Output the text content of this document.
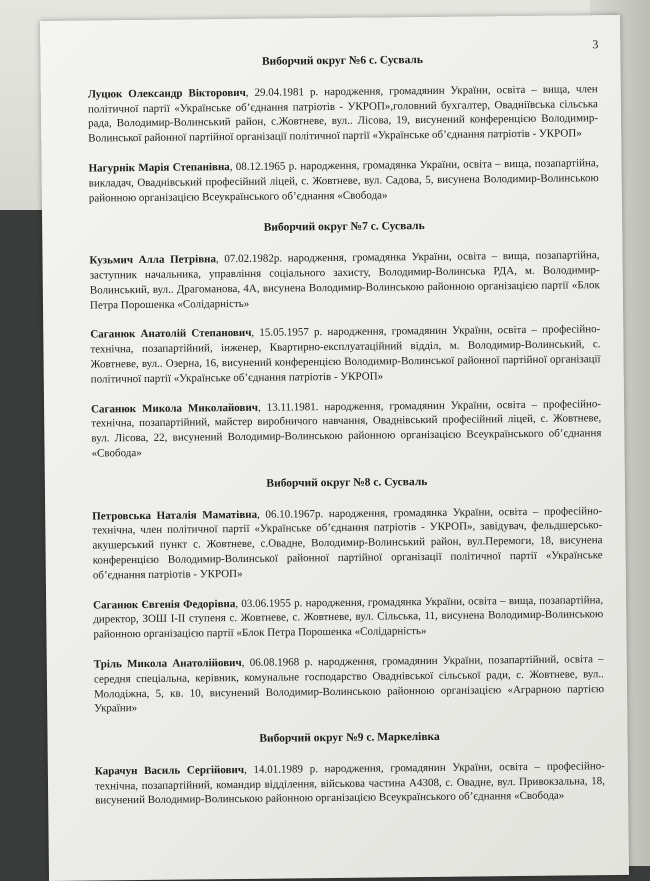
3
Виборчий округ №6 с. Сусваль

Луцюк Олександр Вікторович, 29.04.1981 р. народження, громадянин України, освіта – вища, член політичної партії «Українське об’єднання патріотів - УКРОП»,головний бухгалтер, Овадніївська сільська рада, Володимир-Волинський район, с.Жовтневе, вул.. Лісова, 19, висунений конференцією Володимир-Волинської районної партійної організації політичної партії «Українське об’єднання патріотів - УКРОП»

Нагурнік Марія Степанівна, 08.12.1965 р. народження, громадянка України, освіта – вища, позапартійна, викладач, Оваднівський професійний ліцей, с. Жовтневе, вул. Садова, 5, висунена Володимир-Волинською районною організацією Всеукраїнського об’єднання «Свобода»

Виборчий округ №7 с. Сусваль

Кузьмич Алла Петрівна, 07.02.1982р. народження, громадянка України, освіта – вища, позапартійна, заступник начальника, управління соціального захисту, Володимир-Волинська РДА, м. Володимир-Волинський, вул.. Драгоманова, 4А, висунена Володимир-Волинською районною організацією партії «Блок Петра Порошенка «Солідарність»

Саганюк Анатолій Степанович, 15.05.1957 р. народження, громадянин України, освіта – професійно-технічна, позапартійний, інженер, Квартирно-експлуатаційний відділ, м. Володимир-Волинський, с. Жовтневе, вул.. Озерна, 16, висунений конференцією Володимир-Волинської районної партійної організації політичної партії «Українське об’єднання патріотів - УКРОП»

Саганюк Микола Миколайович, 13.11.1981. народження, громадянин України, освіта – професійно-технічна, позапартійний, майстер виробничого навчання, Оваднівський професійний ліцей, с. Жовтневе, вул. Лісова, 22, висунений Володимир-Волинською районною організацією Всеукраїнського об’єднання «Свобода»

Виборчий округ №8 с. Сусваль

Петровська Наталія Маматівна, 06.10.1967р. народження, громадянка України, освіта – професійно-технічна, член політичної партії «Українське об’єднання патріотів - УКРОП», завідувач, фельдшерсько-акушерський пункт с. Жовтневе, с.Овадне, Володимир-Волинський район, вул.Перемоги, 18, висунена конференцією Володимир-Волинської районної партійної організації політичної партії «Українське об’єднання патріотів - УКРОП»

Саганюк Євгенія Федорівна, 03.06.1955 р. народження, громадянка України, освіта – вища, позапартійна, директор, ЗОШ І-ІІ ступеня с. Жовтневе, с. Жовтневе, вул. Сільська, 11, висунена Володимир-Волинською районною організацією партії «Блок Петра Порошенка «Солідарність»

Тріль Микола Анатолійович, 06.08.1968 р. народження, громадянин України, позапартійний, освіта – середня спеціальна, керівник, комунальне господарство Оваднівської сільської ради, с. Жовтневе, вул.. Молодіжна, 5, кв. 10, висунений Володимир-Волинською районною організацією «Аграрною партією України»

Виборчий округ №9 с. Маркелівка

Карачун Василь Сергійович, 14.01.1989 р. народження, громадянин України, освіта – професійно-технічна, позапартійний, командир відділення, військова частина А4308, с. Овадне, вул. Привокзальна, 18, висунений Володимир-Волинською районною організацією Всеукраїнського об’єднання «Свобода»
